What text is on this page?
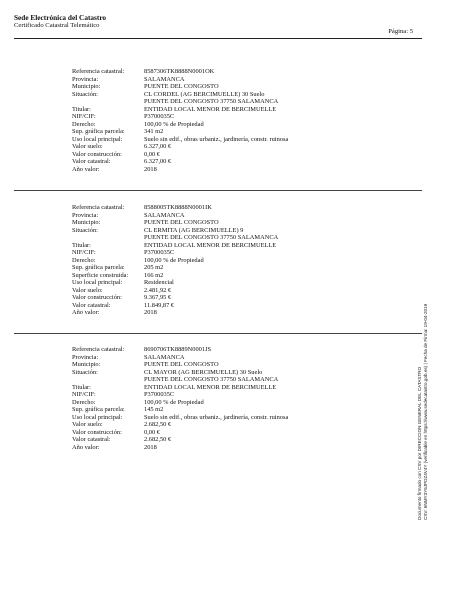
Sede Electrónica del Catastro
Certificado Catastral Telemático
Página: 5
Referencia catastral:	8587306TK8888N0001OK
Provincia:	SALAMANCA
Municipio:	PUENTE DEL CONGOSTO
Situación:	CL CORDEL (AG BERCIMUELLE) 30 Suelo
PUENTE DEL CONGOSTO 37750 SALAMANCA
Titular:	ENTIDAD LOCAL MENOR DE BERCIMUELLE
NIF/CIF:	P3700035C
Derecho:	100,00 % de Propiedad
Sup. gráfica parcela:	341 m2
Uso local principal:	Suelo sin edif., obras urbaniz., jardinería, constr. ruinosa
Valor suelo:	6.327,00 €
Valor construcción:	0,00 €
Valor catastral:	6.327,00 €
Año valor:	2018
Referencia catastral:	8588005TK8888N0001IK
Provincia:	SALAMANCA
Municipio:	PUENTE DEL CONGOSTO
Situación:	CL ERMITA (AG BERCIMUELLE) 9
PUENTE DEL CONGOSTO 37750 SALAMANCA
Titular:	ENTIDAD LOCAL MENOR DE BERCIMUELLE
NIF/CIF:	P3700035C
Derecho:	100,00 % de Propiedad
Sup. gráfica parcela:	205 m2
Superficie construida: 166 m2
Uso local principal:	Residencial
Valor suelo:	2.481,92 €
Valor construcción:	9.367,95 €
Valor catastral:	11.849,87 €
Año valor:	2018
Referencia catastral:	8690706TK8889N0001JS
Provincia:	SALAMANCA
Municipio:	PUENTE DEL CONGOSTO
Situación:	CL MAYOR (AG BERCIMUELLE) 30 Suelo
PUENTE DEL CONGOSTO 37750 SALAMANCA
Titular:	ENTIDAD LOCAL MENOR DE BERCIMUELLE
NIF/CIF:	P3700035C
Derecho:	100,00 % de Propiedad
Sup. gráfica parcela:	145 m2
Uso local principal:	Suelo sin edif., obras urbaniz., jardinería, constr. ruinosa
Valor suelo:	2.682,50 €
Valor construcción:	0,00 €
Valor catastral:	2.682,50 €
Año valor:	2018	Documento firmado con CSV por DIRECCION GENERAL DEL CATASTRO CSV: 6NMY3Y6JPDZ4V4Y (verificable en https://www.sedecatastro.gob.es) | Fecha de Firma: 19-04-2019
